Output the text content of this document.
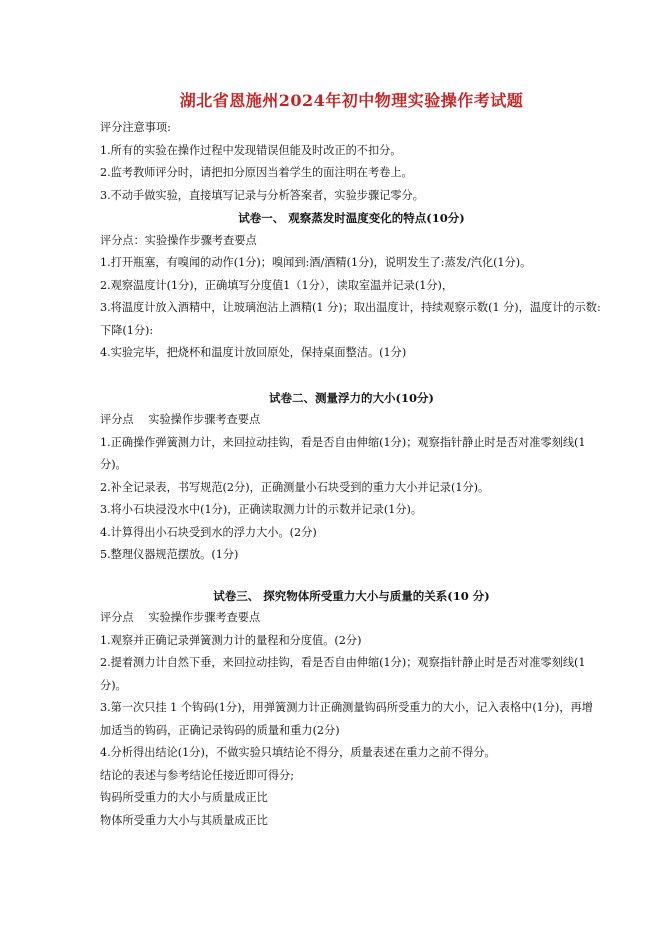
湖北省恩施州2024年初中物理实验操作考试题
评分注意事项:
1.所有的实验在操作过程中发现错误但能及时改正的不扣分。
2.监考教师评分时，请把扣分原因当着学生的面注明在考卷上。
3.不动手做实验，直接填写记录与分析答案者，实验步骤记零分。
试卷一、 观察蒸发时温度变化的特点(10分)
评分点：实验操作步骤考查要点
1.打开瓶塞，有嗅闻的动作(1分)；嗅闻到:酒/酒精(1分)，说明发生了:蒸发/汽化(1分)。
2.观察温度计(1分)，正确填写分度值1（1分），读取室温并记录(1分)，
3.将温度计放入酒精中，让玻璃泡沾上酒精(1 分)；取出温度计，持续观察示数(1 分)，温度计的示数:下降(1分):
4.实验完毕，把烧杯和温度计放回原处，保持桌面整洁。(1分)
试卷二、测量浮力的大小(10分)
评分点　 实验操作步骤考查要点
1.正确操作弹簧测力计，来回拉动挂钩，看是否自由伸缩(1分)；观察指针静止时是否对准零刻线(1分)。
2.补全记录表，书写规范(2分)，正确测量小石块受到的重力大小并记录(1分)。
3.将小石块浸没水中(1分)，正确读取测力计的示数并记录(1分)。
4.计算得出小石块受到水的浮力大小。(2分)
5.整理仪器规范摆放。(1分)
试卷三、 探究物体所受重力大小与质量的关系(10 分)
评分点　 实验操作步骤考查要点
1.观察并正确记录弹簧测力计的量程和分度值。(2分)
2.提着测力计自然下垂，来回拉动挂钩，看是否自由伸缩(1分)；观察指针静止时是否对准零刻线(1分)。
3.第一次只挂 1 个钩码(1分)，用弹簧测力计正确测量钩码所受重力的大小，记入表格中(1分)，再增加适当的钩码，正确记录钩码的质量和重力(2分)
4.分析得出结论(1分)，不做实验只填结论不得分，质量表述在重力之前不得分。
结论的表述与参考结论任接近即可得分;
钩码所受重力的大小与质量成正比
物体所受重力大小与其质量成正比
